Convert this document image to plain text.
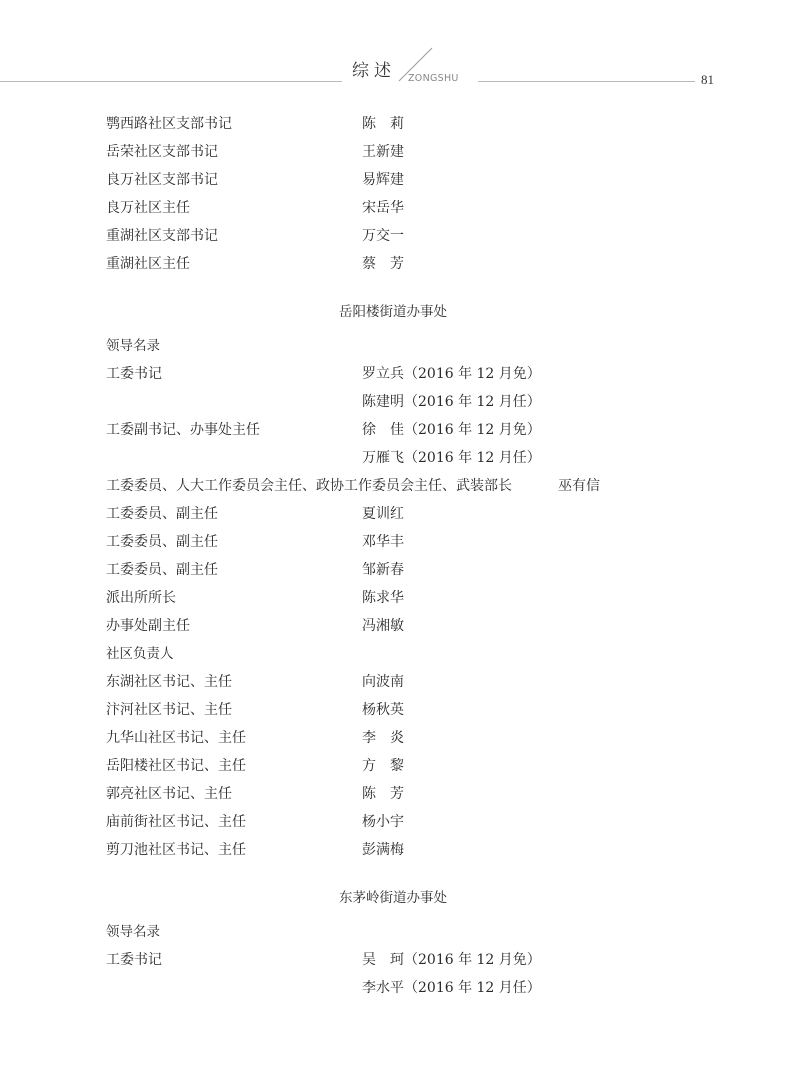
综述 ZONGSHU	81
鹗西路社区支部书记	陈　莉
岳荣社区支部书记	王新建
良万社区支部书记	易辉建
良万社区主任	宋岳华
重湖社区支部书记	万交一
重湖社区主任	蔡　芳
岳阳楼街道办事处
领导名录
工委书记	罗立兵（2016 年 12 月免）
陈建明（2016 年 12 月任）
工委副书记、办事处主任	徐　佳（2016 年 12 月免）
万雁飞（2016 年 12 月任）
工委委员、人大工作委员会主任、政协工作委员会主任、武装部长	巫有信
工委委员、副主任	夏训红
工委委员、副主任	邓华丰
工委委员、副主任	邹新春
派出所所长	陈求华
办事处副主任	冯湘敏
社区负责人
东湖社区书记、主任	向波南
汴河社区书记、主任	杨秋英
九华山社区书记、主任	李　炎
岳阳楼社区书记、主任	方　黎
郭亮社区书记、主任	陈　芳
庙前街社区书记、主任	杨小宇
剪刀池社区书记、主任	彭满梅
东茅岭街道办事处
领导名录
工委书记	吴　珂（2016 年 12 月免）
李水平（2016 年 12 月任）
